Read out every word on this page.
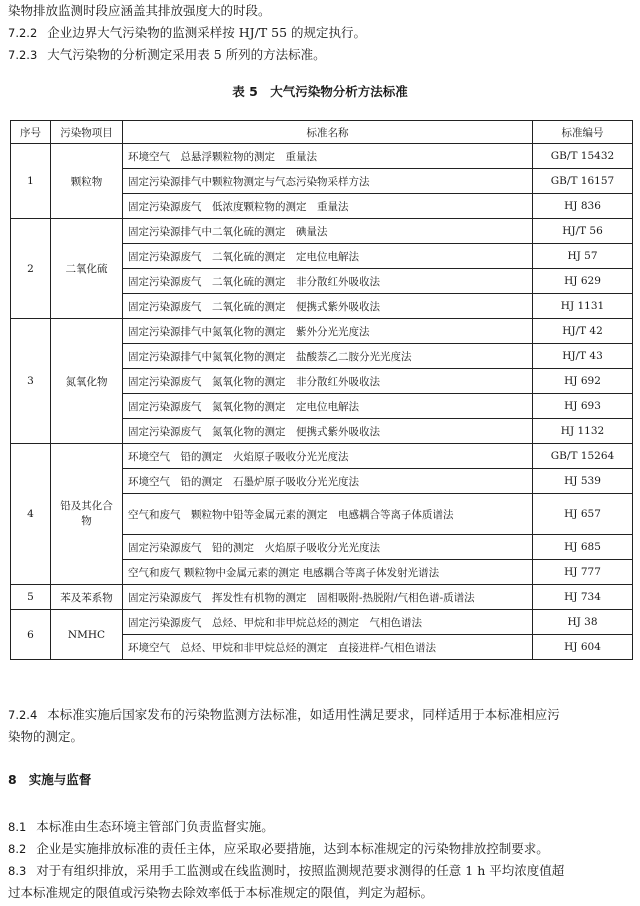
染物排放监测时段应涵盖其排放强度大的时段。
7.2.2 企业边界大气污染物的监测采样按 HJ/T 55 的规定执行。
7.2.3 大气污染物的分析测定采用表 5 所列的方法标准。
表 5　大气污染物分析方法标准
序号	污染物项目	标准名称	标准编号
1	颗粒物	环境空气　总悬浮颗粒物的测定　重量法	GB/T 15432
		固定污染源排气中颗粒物测定与气态污染物采样方法	GB/T 16157
		固定污染源废气　低浓度颗粒物的测定　重量法	HJ 836
2	二氧化硫	固定污染源排气中二氧化硫的测定　碘量法	HJ/T 56
		固定污染源废气　二氧化硫的测定　定电位电解法	HJ 57
		固定污染源废气　二氧化硫的测定　非分散红外吸收法	HJ 629
		固定污染源废气　二氧化硫的测定　便携式紫外吸收法	HJ 1131
3	氮氧化物	固定污染源排气中氮氧化物的测定　紫外分光光度法	HJ/T 42
		固定污染源排气中氮氧化物的测定　盐酸萘乙二胺分光光度法	HJ/T 43
		固定污染源废气　氮氧化物的测定　非分散红外吸收法	HJ 692
		固定污染源废气　氮氧化物的测定　定电位电解法	HJ 693
		固定污染源废气　氮氧化物的测定　便携式紫外吸收法	HJ 1132
4	铅及其化合物	环境空气　铅的测定　火焰原子吸收分光光度法	GB/T 15264
		环境空气　铅的测定　石墨炉原子吸收分光光度法	HJ 539
		空气和废气　颗粒物中铅等金属元素的测定　电感耦合等离子体质谱法	HJ 657
		固定污染源废气　铅的测定　火焰原子吸收分光光度法	HJ 685
		空气和废气 颗粒物中金属元素的测定 电感耦合等离子体发射光谱法	HJ 777
5	苯及苯系物	固定污染源废气　挥发性有机物的测定　固相吸附-热脱附/气相色谱-质谱法	HJ 734
6	NMHC	固定污染源废气　总烃、甲烷和非甲烷总烃的测定　气相色谱法	HJ 38
		环境空气　总烃、甲烷和非甲烷总烃的测定　直接进样-气相色谱法	HJ 604
7.2.4 本标准实施后国家发布的污染物监测方法标准，如适用性满足要求，同样适用于本标准相应污
染物的测定。
8 实施与监督
8.1 本标准由生态环境主管部门负责监督实施。
8.2 企业是实施排放标准的责任主体，应采取必要措施，达到本标准规定的污染物排放控制要求。
8.3 对于有组织排放，采用手工监测或在线监测时，按照监测规范要求测得的任意 1 h 平均浓度值超
过本标准规定的限值或污染物去除效率低于本标准规定的限值，判定为超标。
